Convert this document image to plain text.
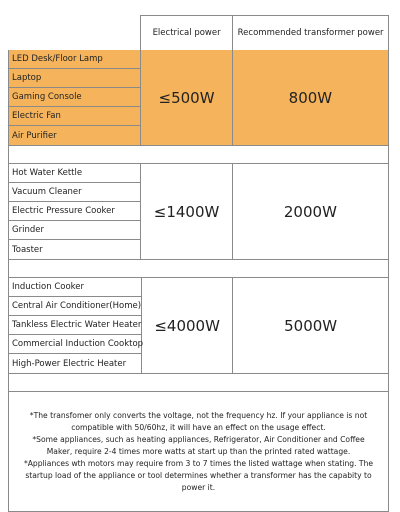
Electrical power	Recommended transformer power
LED Desk/Floor Lamp
Laptop
Gaming Console
Electric Fan
Air Purifier
≤500W	800W
Hot Water Kettle
Vacuum Cleaner
Electric Pressure Cooker
Grinder
Toaster
≤1400W	2000W
Induction Cooker
Central Air Conditioner(Home)
Tankless Electric Water Heater
Commercial Induction Cooktop
High-Power Electric Heater
≤4000W	5000W

*The transfomer only converts the voltage, not the frequency hz. If your appliance is not compatible with 50/60hz, it will have an effect on the usage effect.

*Some appliances, such as heating appliances, Refrigerator, Air Conditioner and Coffee Maker, require 2-4 times more watts at start up than the printed rated wattage.

*Appliances wth motors may require from 3 to 7 times the listed wattage when stating. The startup load of the appliance or tool determines whether a transformer has the capabity to power it.
